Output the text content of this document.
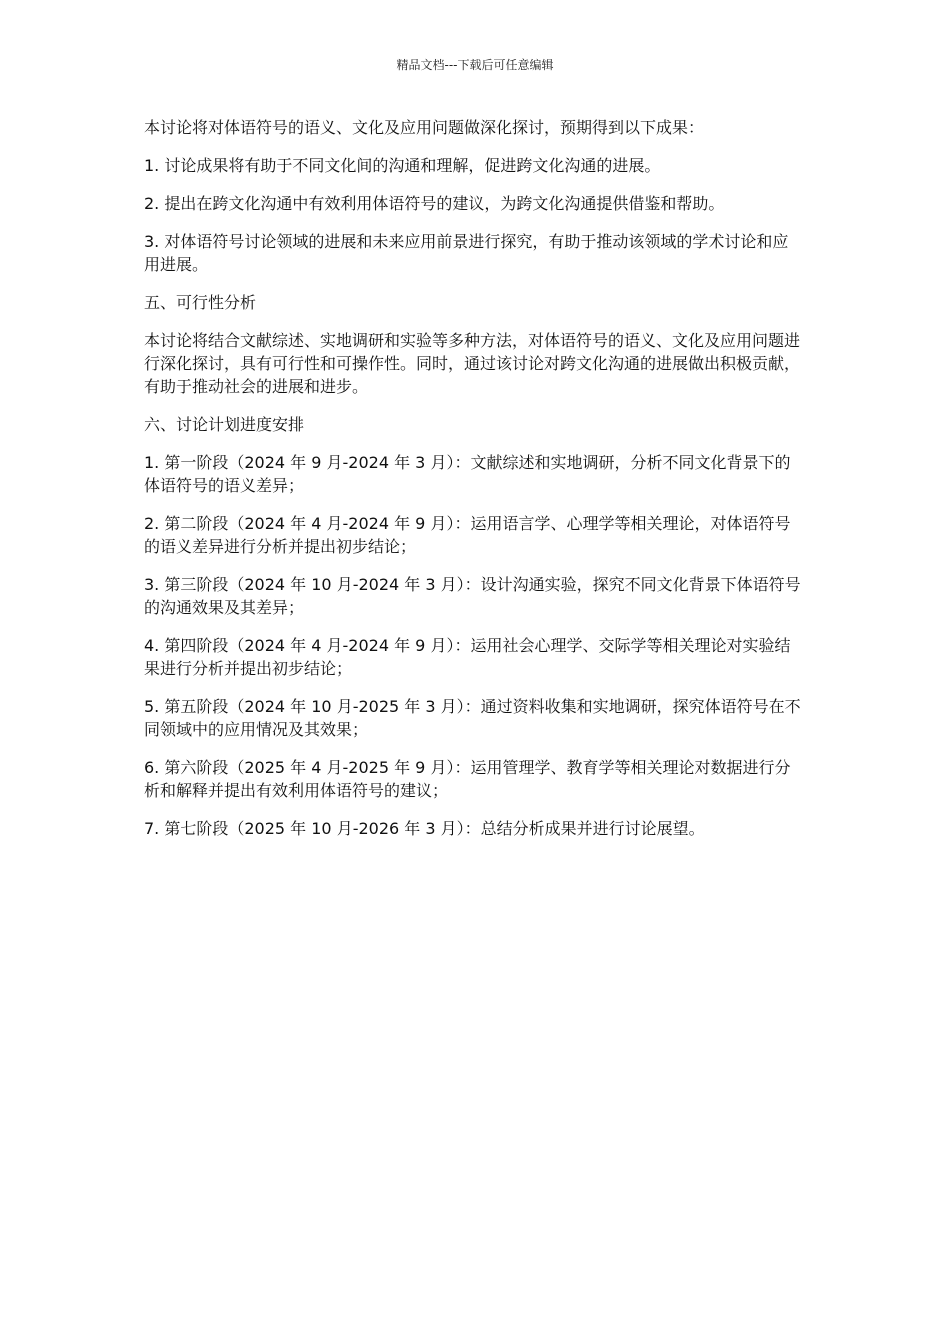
精品文档---下载后可任意编辑

本讨论将对体语符号的语义、文化及应用问题做深化探讨，预期得到以下成果：

1. 讨论成果将有助于不同文化间的沟通和理解，促进跨文化沟通的进展。

2. 提出在跨文化沟通中有效利用体语符号的建议，为跨文化沟通提供借鉴和帮助。

3. 对体语符号讨论领域的进展和未来应用前景进行探究，有助于推动该领域的学术讨论和应用进展。

五、可行性分析

本讨论将结合文献综述、实地调研和实验等多种方法，对体语符号的语义、文化及应用问题进行深化探讨，具有可行性和可操作性。同时，通过该讨论对跨文化沟通的进展做出积极贡献，有助于推动社会的进展和进步。

六、讨论计划进度安排

1. 第一阶段（2024 年 9 月-2024 年 3 月）：文献综述和实地调研，分析不同文化背景下的体语符号的语义差异；

2. 第二阶段（2024 年 4 月-2024 年 9 月）：运用语言学、心理学等相关理论，对体语符号的语义差异进行分析并提出初步结论；

3. 第三阶段（2024 年 10 月-2024 年 3 月）：设计沟通实验，探究不同文化背景下体语符号的沟通效果及其差异；

4. 第四阶段（2024 年 4 月-2024 年 9 月）：运用社会心理学、交际学等相关理论对实验结果进行分析并提出初步结论；

5. 第五阶段（2024 年 10 月-2025 年 3 月）：通过资料收集和实地调研，探究体语符号在不同领域中的应用情况及其效果；

6. 第六阶段（2025 年 4 月-2025 年 9 月）：运用管理学、教育学等相关理论对数据进行分析和解释并提出有效利用体语符号的建议；

7. 第七阶段（2025 年 10 月-2026 年 3 月）：总结分析成果并进行讨论展望。
